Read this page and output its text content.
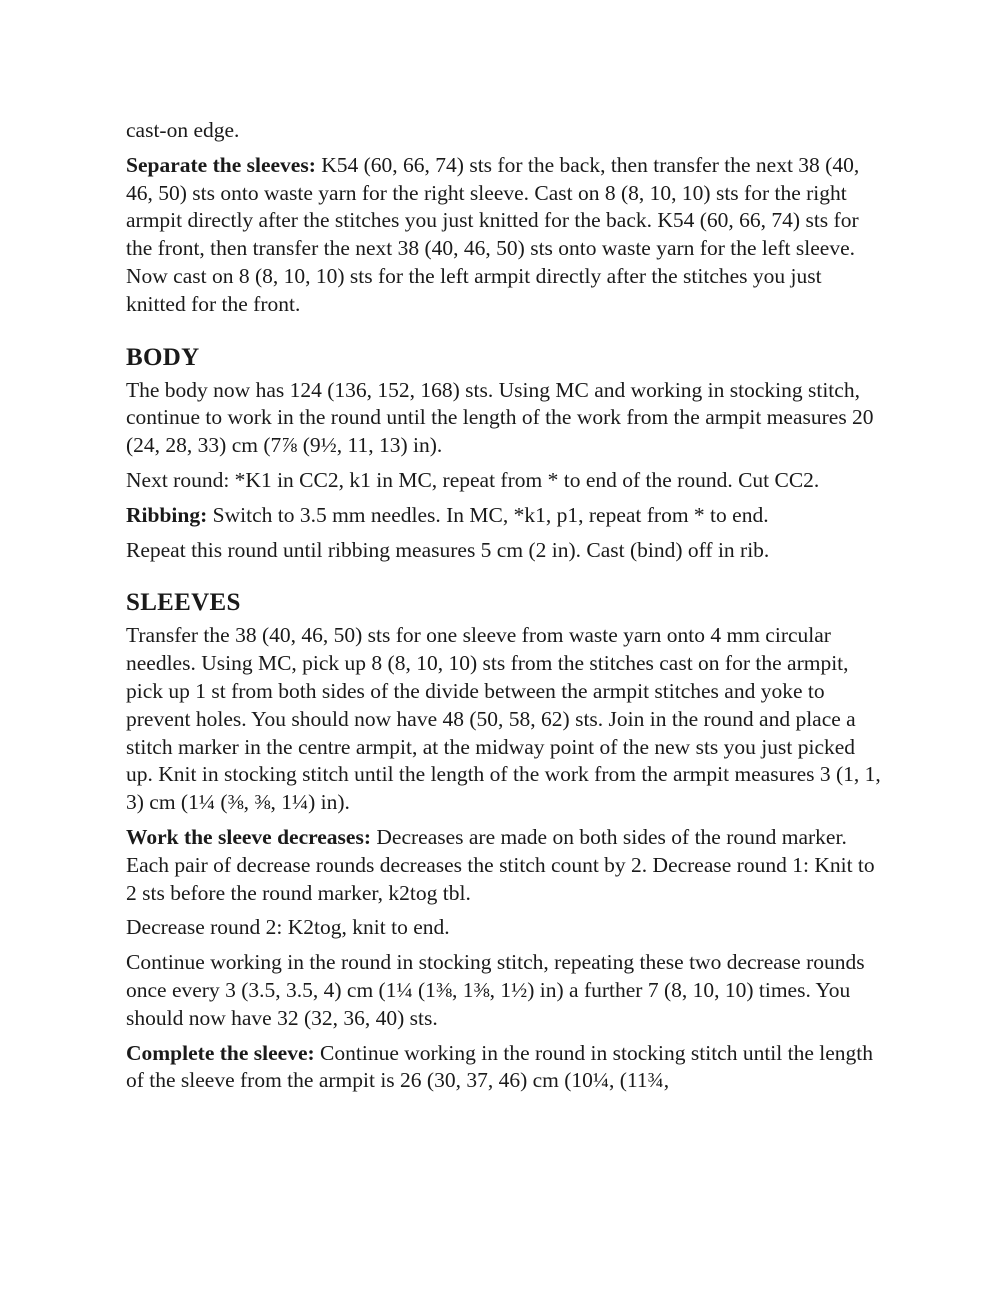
cast-on edge.

Separate the sleeves: K54 (60, 66, 74) sts for the back, then transfer the next 38 (40, 46, 50) sts onto waste yarn for the right sleeve. Cast on 8 (8, 10, 10) sts for the right armpit directly after the stitches you just knitted for the back. K54 (60, 66, 74) sts for the front, then transfer the next 38 (40, 46, 50) sts onto waste yarn for the left sleeve. Now cast on 8 (8, 10, 10) sts for the left armpit directly after the stitches you just knitted for the front.

BODY

The body now has 124 (136, 152, 168) sts. Using MC and working in stocking stitch, continue to work in the round until the length of the work from the armpit measures 20 (24, 28, 33) cm (7⅞ (9½, 11, 13) in).

Next round: *K1 in CC2, k1 in MC, repeat from * to end of the round. Cut CC2.

Ribbing: Switch to 3.5 mm needles. In MC, *k1, p1, repeat from * to end.

Repeat this round until ribbing measures 5 cm (2 in). Cast (bind) off in rib.

SLEEVES

Transfer the 38 (40, 46, 50) sts for one sleeve from waste yarn onto 4 mm circular needles. Using MC, pick up 8 (8, 10, 10) sts from the stitches cast on for the armpit, pick up 1 st from both sides of the divide between the armpit stitches and yoke to prevent holes. You should now have 48 (50, 58, 62) sts. Join in the round and place a stitch marker in the centre armpit, at the midway point of the new sts you just picked up. Knit in stocking stitch until the length of the work from the armpit measures 3 (1, 1, 3) cm (1¼ (⅜, ⅜, 1¼) in).

Work the sleeve decreases: Decreases are made on both sides of the round marker. Each pair of decrease rounds decreases the stitch count by 2. Decrease round 1: Knit to 2 sts before the round marker, k2tog tbl.

Decrease round 2: K2tog, knit to end.

Continue working in the round in stocking stitch, repeating these two decrease rounds once every 3 (3.5, 3.5, 4) cm (1¼ (1⅜, 1⅜, 1½) in) a further 7 (8, 10, 10) times. You should now have 32 (32, 36, 40) sts.

Complete the sleeve: Continue working in the round in stocking stitch until the length of the sleeve from the armpit is 26 (30, 37, 46) cm (10¼, (11¾,
